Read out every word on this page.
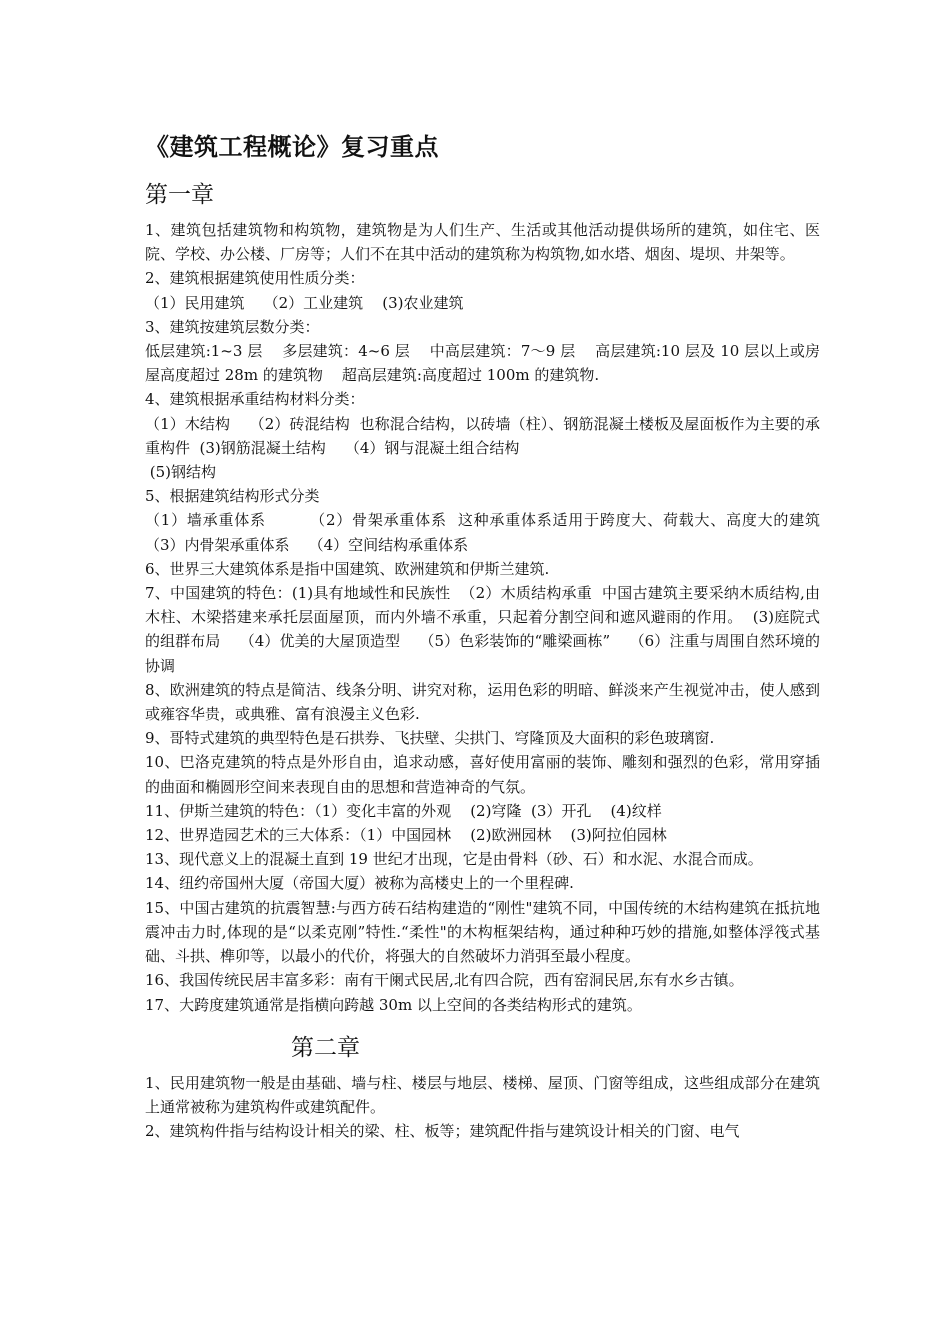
《建筑工程概论》复习重点
第一章

1、建筑包括建筑物和构筑物，建筑物是为人们生产、生活或其他活动提供场所的建筑，如住宅、医院、学校、办公楼、厂房等；人们不在其中活动的建筑称为构筑物,如水塔、烟囱、堤坝、井架等。

2、建筑根据建筑使用性质分类：

（1）民用建筑    （2）工业建筑    (3)农业建筑

3、建筑按建筑层数分类：

低层建筑:1~3 层    多层建筑：4~6 层    中高层建筑：7～9 层    高层建筑:10 层及 10 层以上或房屋高度超过 28m 的建筑物    超高层建筑:高度超过 100m 的建筑物.

4、建筑根据承重结构材料分类：

（1）木结构    （2）砖混结构  也称混合结构，以砖墙（柱）、钢筋混凝土楼板及屋面板作为主要的承重构件  (3)钢筋混凝土结构    （4）钢与混凝土组合结构

(5)钢结构

5、根据建筑结构形式分类

（1）墙承重体系        （2）骨架承重体系  这种承重体系适用于跨度大、荷载大、高度大的建筑    （3）内骨架承重体系    （4）空间结构承重体系

6、世界三大建筑体系是指中国建筑、欧洲建筑和伊斯兰建筑.

7、中国建筑的特色：(1)具有地域性和民族性  （2）木质结构承重  中国古建筑主要采纳木质结构,由木柱、木梁搭建来承托层面屋顶，而内外墙不承重，只起着分割空间和遮风避雨的作用。  (3)庭院式的组群布局    （4）优美的大屋顶造型    （5）色彩装饰的“雕梁画栋”    （6）注重与周围自然环境的协调

8、欧洲建筑的特点是简洁、线条分明、讲究对称，运用色彩的明暗、鲜淡来产生视觉冲击，使人感到或雍容华贵，或典雅、富有浪漫主义色彩.

9、哥特式建筑的典型特色是石拱券、飞扶壁、尖拱门、穹隆顶及大面积的彩色玻璃窗.

10、巴洛克建筑的特点是外形自由，追求动感，喜好使用富丽的装饰、雕刻和强烈的色彩，常用穿插的曲面和椭圆形空间来表现自由的思想和营造神奇的气氛。

11、伊斯兰建筑的特色：（1）变化丰富的外观    (2)穹隆  (3）开孔    (4)纹样

12、世界造园艺术的三大体系：（1）中国园林    (2)欧洲园林    (3)阿拉伯园林

13、现代意义上的混凝土直到 19 世纪才出现，它是由骨料（砂、石）和水泥、水混合而成。

14、纽约帝国州大厦（帝国大厦）被称为高楼史上的一个里程碑.

15、中国古建筑的抗震智慧:与西方砖石结构建造的“刚性"建筑不同，中国传统的木结构建筑在抵抗地震冲击力时,体现的是“以柔克刚”特性.“柔性"的木构框架结构，通过种种巧妙的措施,如整体浮筏式基础、斗拱、榫卯等，以最小的代价，将强大的自然破坏力消弭至最小程度。

16、我国传统民居丰富多彩：南有干阑式民居,北有四合院，西有窑洞民居,东有水乡古镇。

17、大跨度建筑通常是指横向跨越 30m 以上空间的各类结构形式的建筑。

第二章

1、民用建筑物一般是由基础、墙与柱、楼层与地层、楼梯、屋顶、门窗等组成，这些组成部分在建筑上通常被称为建筑构件或建筑配件。

2、建筑构件指与结构设计相关的梁、柱、板等；建筑配件指与建筑设计相关的门窗、电气
